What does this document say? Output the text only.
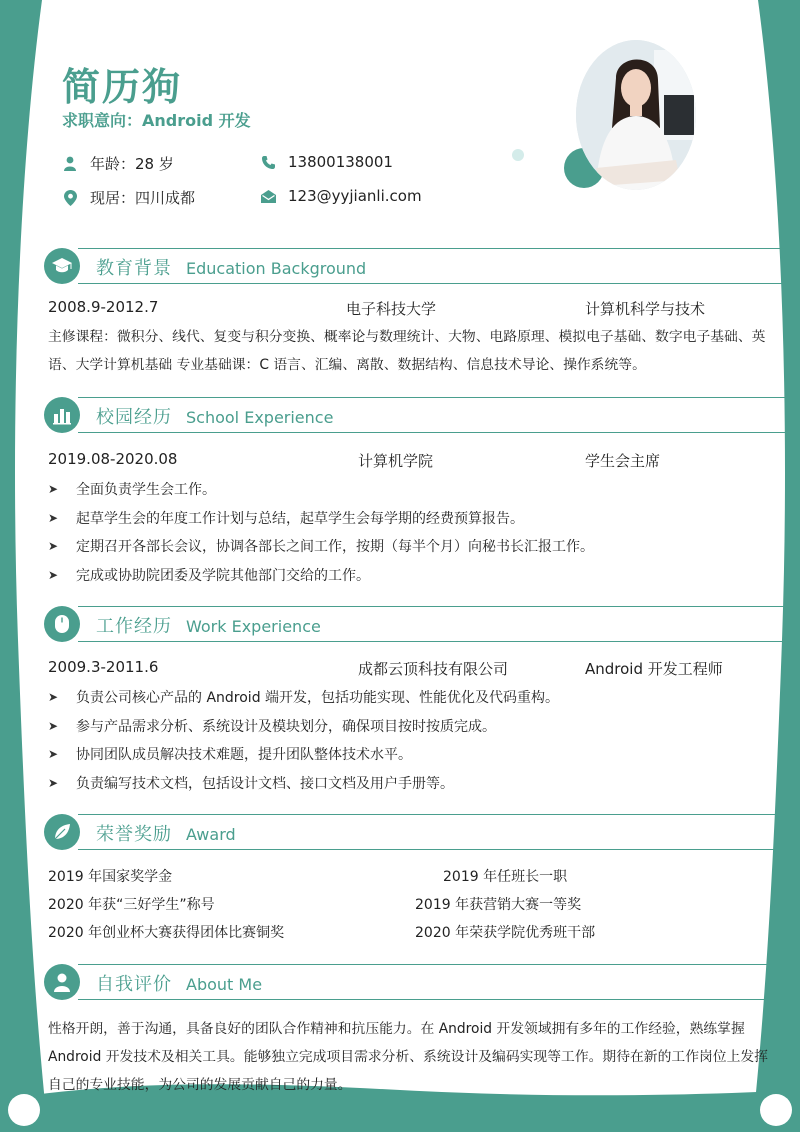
简历狗
求职意向：Android 开发
年龄：28 岁	13800138001
现居：四川成都	123@yyjianli.com
教育背景 Education Background
2008.9-2012.7	电子科技大学	计算机科学与技术
主修课程：微积分、线代、复变与积分变换、概率论与数理统计、大物、电路原理、模拟电子基础、数字电子基础、英语、大学计算机基础 专业基础课：C 语言、汇编、离散、数据结构、信息技术导论、操作系统等。
校园经历 School Experience
2019.08-2020.08	计算机学院	学生会主席
➤	全面负责学生会工作。
➤	起草学生会的年度工作计划与总结，起草学生会每学期的经费预算报告。
➤	定期召开各部长会议，协调各部长之间工作，按期（每半个月）向秘书长汇报工作。
➤	完成或协助院团委及学院其他部门交给的工作。
工作经历 Work Experience
2009.3-2011.6	成都云顶科技有限公司	Android 开发工程师
➤	负责公司核心产品的 Android 端开发，包括功能实现、性能优化及代码重构。
➤	参与产品需求分析、系统设计及模块划分，确保项目按时按质完成。
➤	协同团队成员解决技术难题，提升团队整体技术水平。
➤	负责编写技术文档，包括设计文档、接口文档及用户手册等。
荣誉奖励 Award
2019 年国家奖学金	2019 年任班长一职
2020 年获“三好学生”称号	2019 年获营销大赛一等奖
2020 年创业杯大赛获得团体比赛铜奖	2020 年荣获学院优秀班干部
自我评价 About Me
性格开朗，善于沟通，具备良好的团队合作精神和抗压能力。在 Android 开发领域拥有多年的工作经验，熟练掌握 Android 开发技术及相关工具。能够独立完成项目需求分析、系统设计及编码实现等工作。期待在新的工作岗位上发挥自己的专业技能，为公司的发展贡献自己的力量。
